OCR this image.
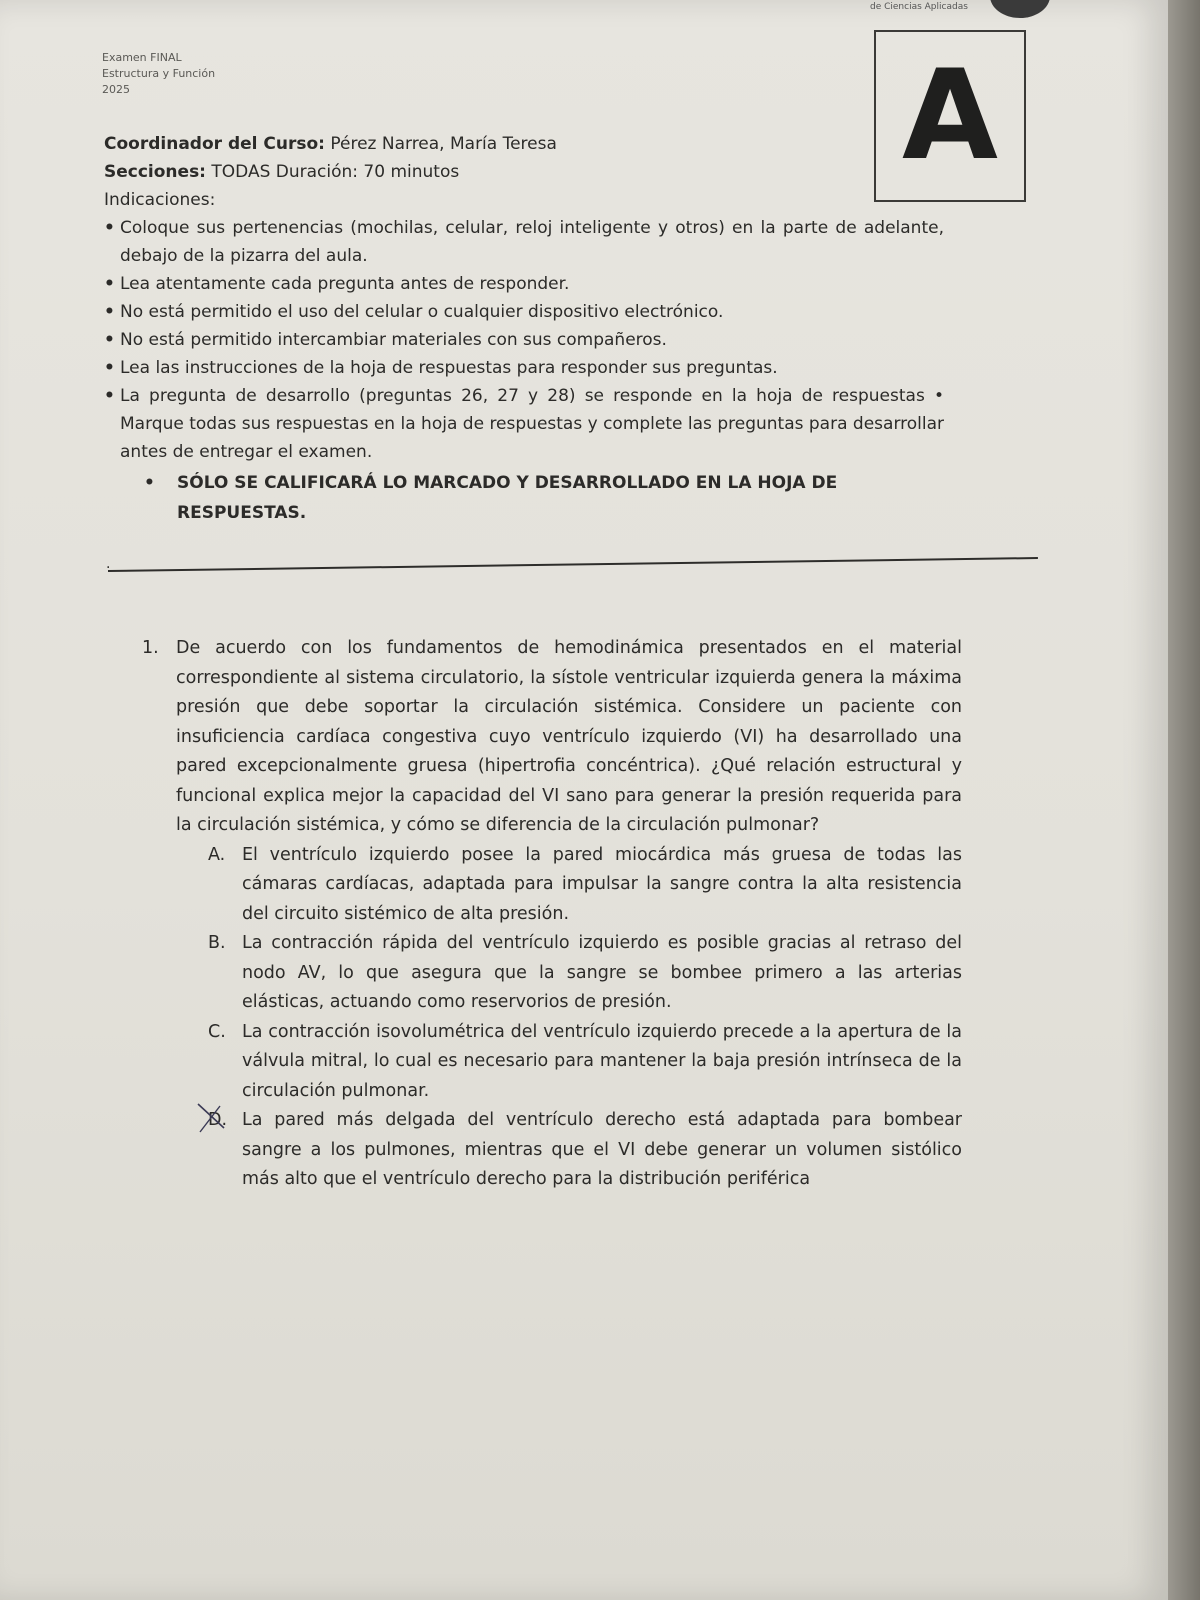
de Ciencias Aplicadas
Examen FINAL
Estructura y Función
2025	A
Coordinador del Curso: Pérez Narrea, María Teresa
Secciones: TODAS Duración: 70 minutos
Indicaciones:
• Coloque sus pertenencias (mochilas, celular, reloj inteligente y otros) en la parte de adelante, debajo de la pizarra del aula.
• Lea atentamente cada pregunta antes de responder.
• No está permitido el uso del celular o cualquier dispositivo electrónico.
• No está permitido intercambiar materiales con sus compañeros.
• Lea las instrucciones de la hoja de respuestas para responder sus preguntas.
• La pregunta de desarrollo (preguntas 26, 27 y 28) se responde en la hoja de respuestas • Marque todas sus respuestas en la hoja de respuestas y complete las preguntas para desarrollar antes de entregar el examen.
• SÓLO SE CALIFICARÁ LO MARCADO Y DESARROLLADO EN LA HOJA DE RESPUESTAS.
.
1. De acuerdo con los fundamentos de hemodinámica presentados en el material correspondiente al sistema circulatorio, la sístole ventricular izquierda genera la máxima presión que debe soportar la circulación sistémica. Considere un paciente con insuficiencia cardíaca congestiva cuyo ventrículo izquierdo (VI) ha desarrollado una pared excepcionalmente gruesa (hipertrofia concéntrica). ¿Qué relación estructural y funcional explica mejor la capacidad del VI sano para generar la presión requerida para la circulación sistémica, y cómo se diferencia de la circulación pulmonar?
A. El ventrículo izquierdo posee la pared miocárdica más gruesa de todas las cámaras cardíacas, adaptada para impulsar la sangre contra la alta resistencia del circuito sistémico de alta presión.
B. La contracción rápida del ventrículo izquierdo es posible gracias al retraso del nodo AV, lo que asegura que la sangre se bombee primero a las arterias elásticas, actuando como reservorios de presión.
C. La contracción isovolumétrica del ventrículo izquierdo precede a la apertura de la válvula mitral, lo cual es necesario para mantener la baja presión intrínseca de la circulación pulmonar.
D. La pared más delgada del ventrículo derecho está adaptada para bombear sangre a los pulmones, mientras que el VI debe generar un volumen sistólico más alto que el ventrículo derecho para la distribución periférica
